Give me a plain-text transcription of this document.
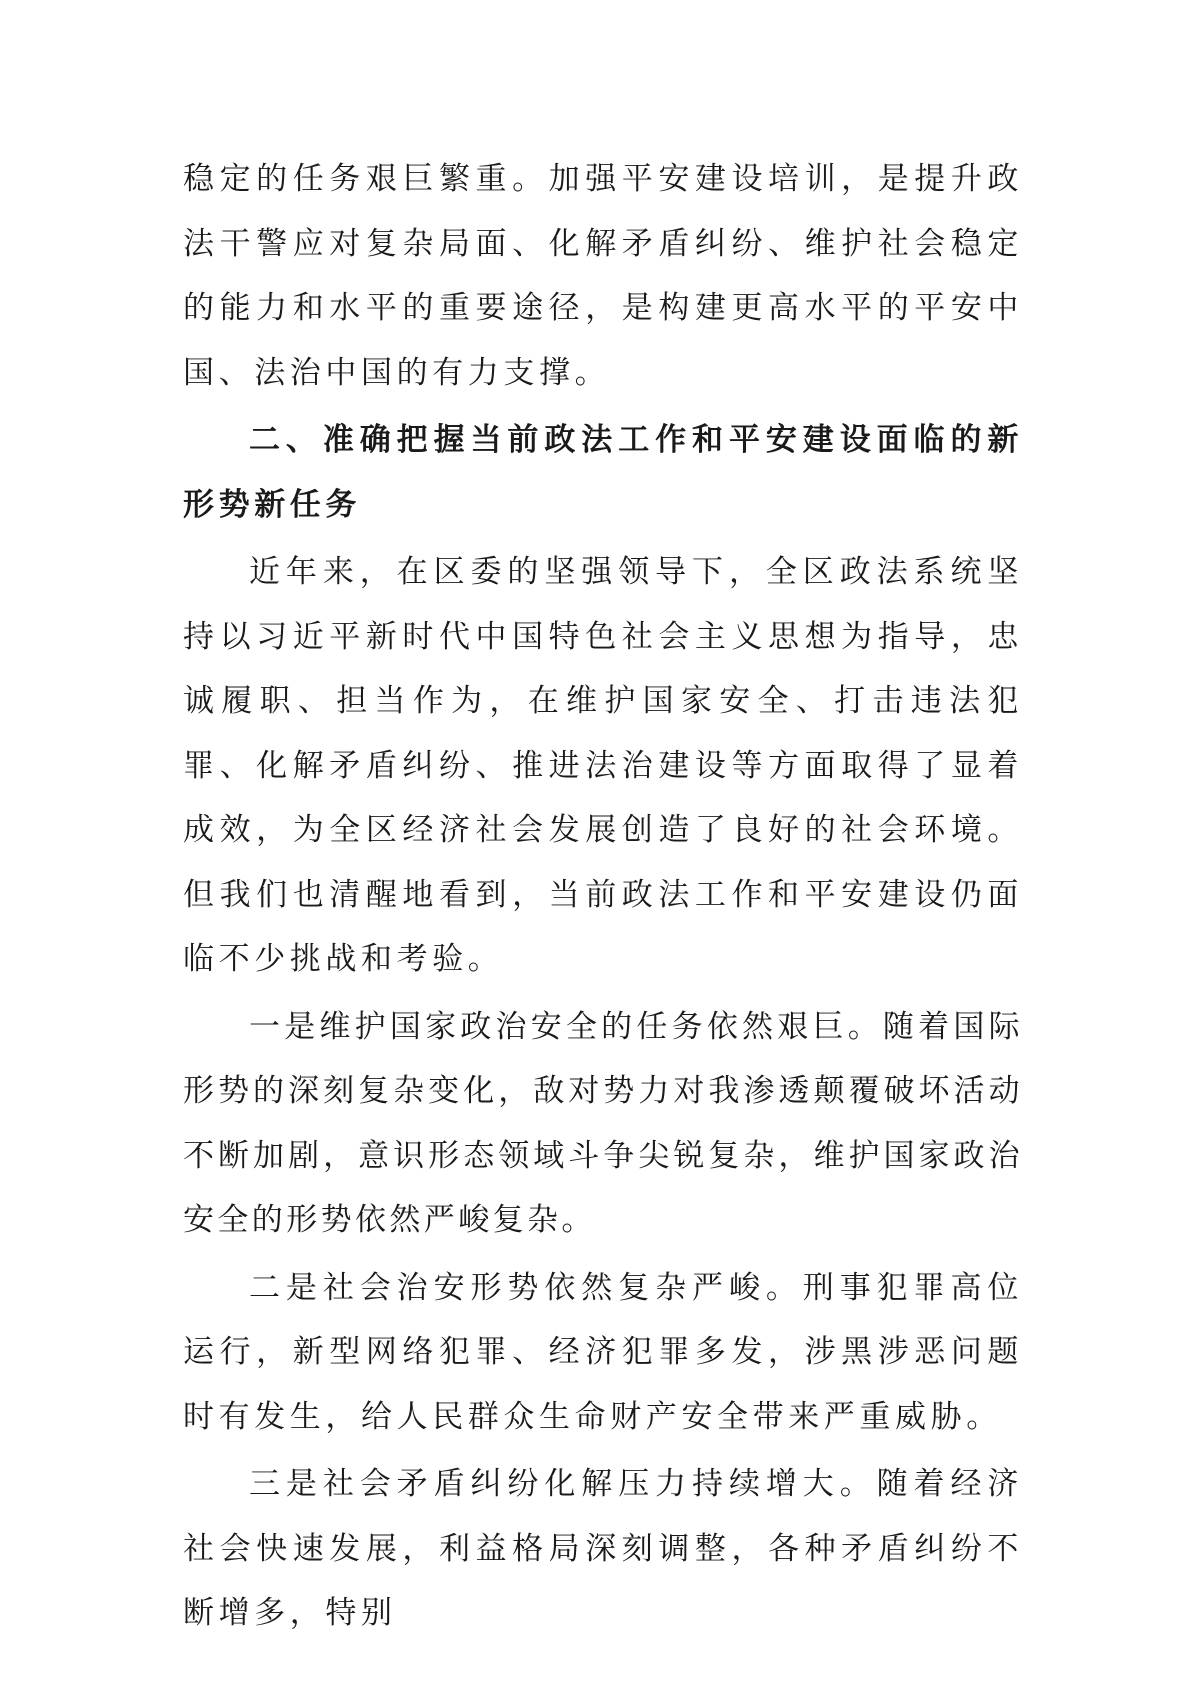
稳定的任务艰巨繁重。加强平安建设培训，是提升政法干警应对复杂局面、化解矛盾纠纷、维护社会稳定的能力和水平的重要途径，是构建更高水平的平安中国、法治中国的有力支撑。

二、准确把握当前政法工作和平安建设面临的新形势新任务

近年来，在区委的坚强领导下，全区政法系统坚持以习近平新时代中国特色社会主义思想为指导，忠诚履职、担当作为，在维护国家安全、打击违法犯罪、化解矛盾纠纷、推进法治建设等方面取得了显着成效，为全区经济社会发展创造了良好的社会环境。但我们也清醒地看到，当前政法工作和平安建设仍面临不少挑战和考验。

一是维护国家政治安全的任务依然艰巨。随着国际形势的深刻复杂变化，敌对势力对我渗透颠覆破坏活动不断加剧，意识形态领域斗争尖锐复杂，维护国家政治安全的形势依然严峻复杂。

二是社会治安形势依然复杂严峻。刑事犯罪高位运行，新型网络犯罪、经济犯罪多发，涉黑涉恶问题时有发生，给人民群众生命财产安全带来严重威胁。

三是社会矛盾纠纷化解压力持续增大。随着经济社会快速发展，利益格局深刻调整，各种矛盾纠纷不断增多，特别
